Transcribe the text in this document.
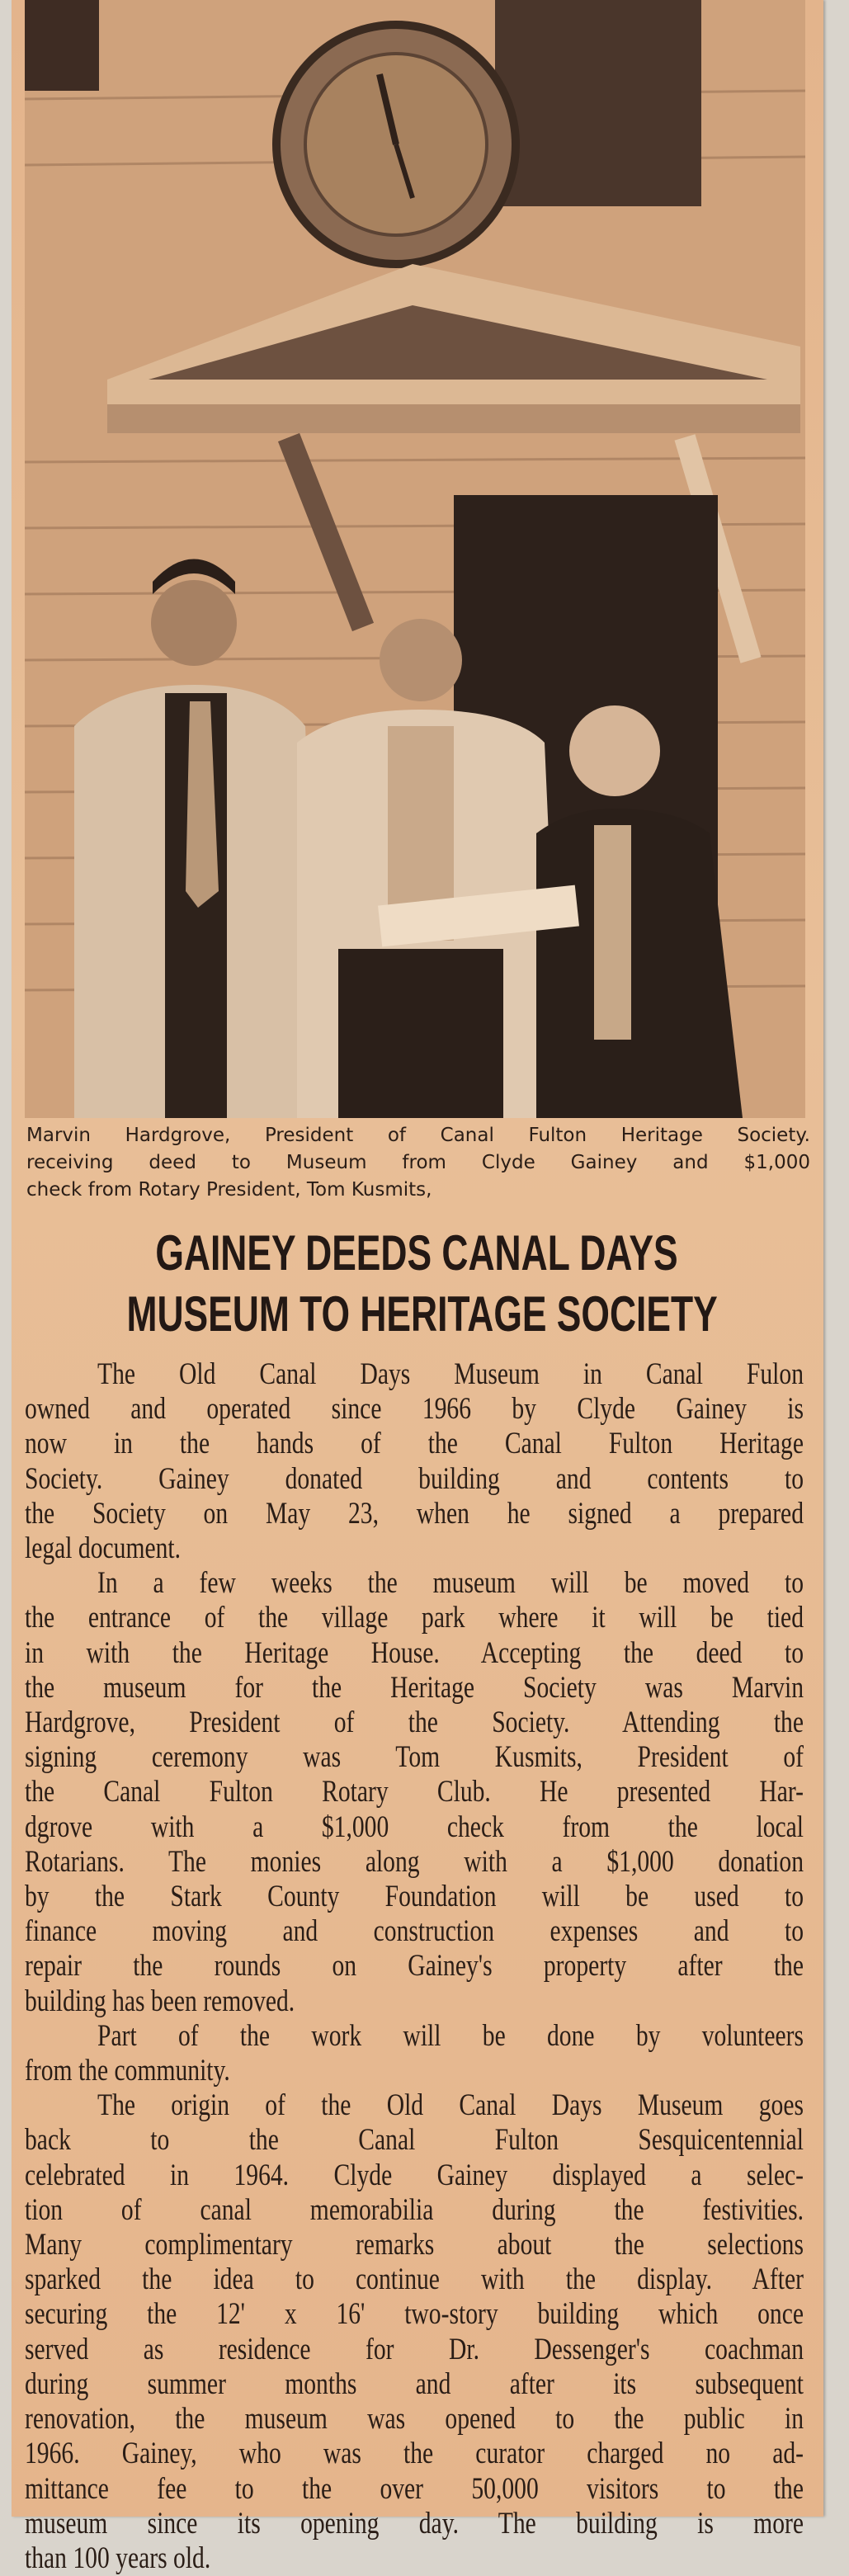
Marvin Hardgrove, President of Canal Fulton Heritage Society.
receiving deed to Museum from Clyde Gainey and $1,000
check from Rotary President, Tom Kusmits,
GAINEY DEEDS CANAL DAYS
MUSEUM TO HERITAGE SOCIETY
The Old Canal Days Museum in Canal Fulon
owned and operated since 1966 by Clyde Gainey is
now in the hands of the Canal Fulton Heritage
Society. Gainey donated building and contents to
the Society on May 23, when he signed a prepared
legal document.
In a few weeks the museum will be moved to
the entrance of the village park where it will be tied
in with the Heritage House. Accepting the deed to
the museum for the Heritage Society was Marvin
Hardgrove, President of the Society. Attending the
signing ceremony was Tom Kusmits, President of
the Canal Fulton Rotary Club. He presented Har-
dgrove with a $1,000 check from the local
Rotarians. The monies along with a $1,000 donation
by the Stark County Foundation will be used to
finance moving and construction expenses and to
repair the rounds on Gainey's property after the
building has been removed.
Part of the work will be done by volunteers
from the community.
The origin of the Old Canal Days Museum goes
back to the Canal Fulton Sesquicentennial
celebrated in 1964. Clyde Gainey displayed a selec-
tion of canal memorabilia during the festivities.
Many complimentary remarks about the selections
sparked the idea to continue with the display. After
securing the 12' x 16' two-story building which once
served as residence for Dr. Dessenger's coachman
during summer months and after its subsequent
renovation, the museum was opened to the public in
1966. Gainey, who was the curator charged no ad-
mittance fee to the over 50,000 visitors to the
museum since its opening day. The building is more
than 100 years old.
